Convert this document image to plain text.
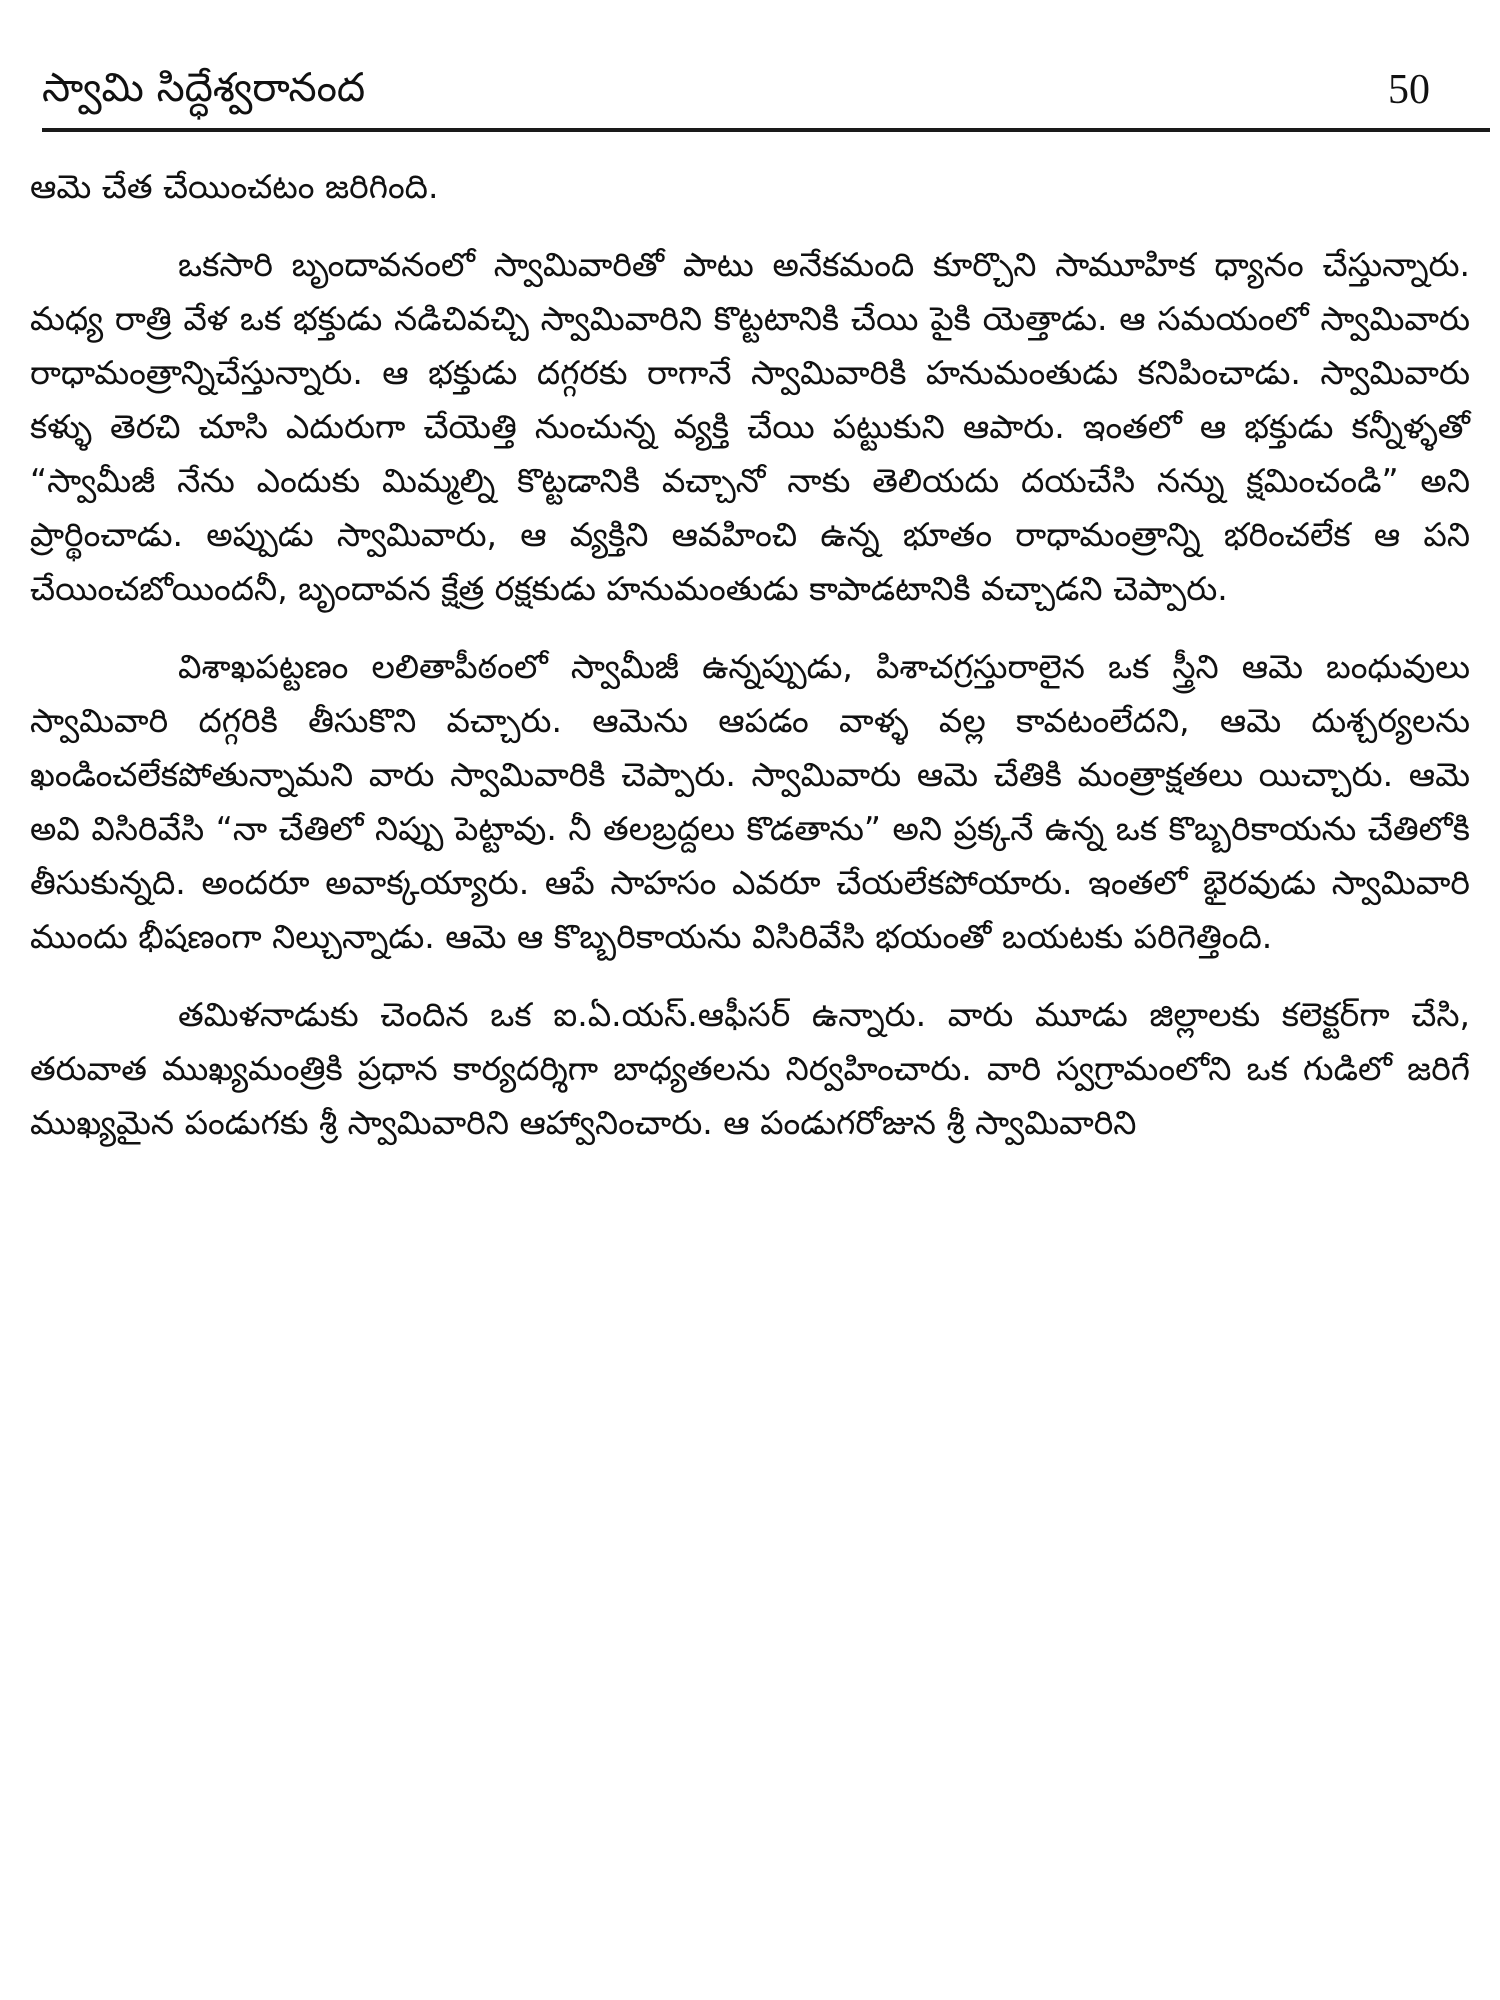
స్వామి సిద్ధేశ్వరానంద	50

ఆమె చేత చేయించటం జరిగింది.

ఒకసారి బృందావనంలో స్వామివారితో పాటు అనేకమంది కూర్చొని సామూహిక ధ్యానం చేస్తున్నారు. మధ్య రాత్రి వేళ ఒక భక్తుడు నడిచివచ్చి స్వామివారిని కొట్టటానికి చేయి పైకి యెత్తాడు. ఆ సమయంలో స్వామివారు రాధామంత్రాన్నిచేస్తున్నారు. ఆ భక్తుడు దగ్గరకు రాగానే స్వామివారికి హనుమంతుడు కనిపించాడు. స్వామివారు కళ్ళు తెరచి చూసి ఎదురుగా చేయెత్తి నుంచున్న వ్యక్తి చేయి పట్టుకుని ఆపారు. ఇంతలో ఆ భక్తుడు కన్నీళ్ళతో “స్వామీజీ నేను ఎందుకు మిమ్మల్ని కొట్టడానికి వచ్చానో నాకు తెలియదు దయచేసి నన్ను క్షమించండి” అని ప్రార్థించాడు. అప్పుడు స్వామివారు, ఆ వ్యక్తిని ఆవహించి ఉన్న భూతం రాధామంత్రాన్ని భరించలేక ఆ పని చేయించబోయిందనీ, బృందావన క్షేత్ర రక్షకుడు హనుమంతుడు కాపాడటానికి వచ్చాడని చెప్పారు.

విశాఖపట్టణం లలితాపీఠంలో స్వామీజీ ఉన్నప్పుడు, పిశాచగ్రస్తురాలైన ఒక స్త్రీని ఆమె బంధువులు స్వామివారి దగ్గరికి తీసుకొని వచ్చారు. ఆమెను ఆపడం వాళ్ళ వల్ల కావటంలేదని, ఆమె దుశ్చర్యలను ఖండించలేకపోతున్నామని వారు స్వామివారికి చెప్పారు. స్వామివారు ఆమె చేతికి మంత్రాక్షతలు యిచ్చారు. ఆమె అవి విసిరివేసి “నా చేతిలో నిప్పు పెట్టావు. నీ తలబ్రద్దలు కొడతాను” అని ప్రక్కనే ఉన్న ఒక కొబ్బరికాయను చేతిలోకి తీసుకున్నది. అందరూ అవాక్కయ్యారు. ఆపే సాహసం ఎవరూ చేయలేకపోయారు. ఇంతలో భైరవుడు స్వామివారి ముందు భీషణంగా నిల్చున్నాడు. ఆమె ఆ కొబ్బరికాయను విసిరివేసి భయంతో బయటకు పరిగెత్తింది.

తమిళనాడుకు చెందిన ఒక ఐ.ఏ.యస్.ఆఫీసర్ ఉన్నారు. వారు మూడు జిల్లాలకు కలెక్టర్‌గా చేసి, తరువాత ముఖ్యమంత్రికి ప్రధాన కార్యదర్శిగా బాధ్యతలను నిర్వహించారు. వారి స్వగ్రామంలోని ఒక గుడిలో జరిగే ముఖ్యమైన పండుగకు శ్రీ స్వామివారిని ఆహ్వానించారు. ఆ పండుగరోజున శ్రీ స్వామివారిని
